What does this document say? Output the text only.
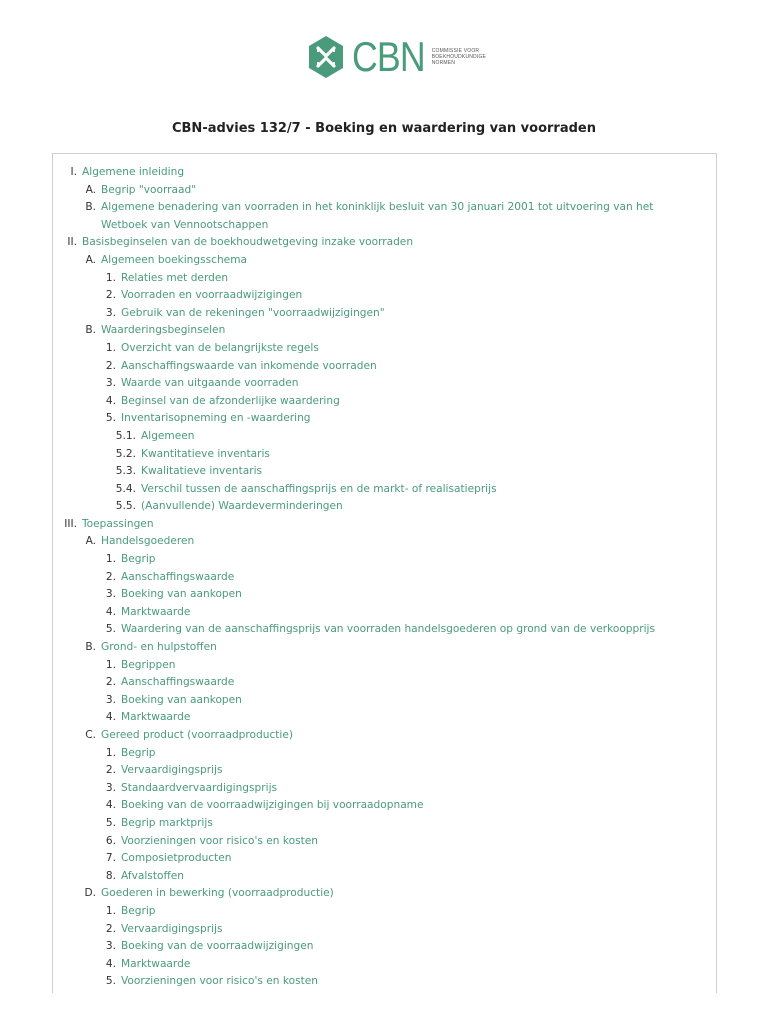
CBN COMMISSIE VOOR
BOEKHOUDKUNDIGE
NORMEN
CBN-advies 132/7 - Boeking en waardering van voorraden
I. Algemene inleiding
A. Begrip "voorraad"
B. Algemene benadering van voorraden in het koninklijk besluit van 30 januari 2001 tot uitvoering van het Wetboek van Vennootschappen
II. Basisbeginselen van de boekhoudwetgeving inzake voorraden
A. Algemeen boekingsschema
1. Relaties met derden
2. Voorraden en voorraadwijzigingen
3. Gebruik van de rekeningen "voorraadwijzigingen"
B. Waarderingsbeginselen
1. Overzicht van de belangrijkste regels
2. Aanschaffingswaarde van inkomende voorraden
3. Waarde van uitgaande voorraden
4. Beginsel van de afzonderlijke waardering
5. Inventarisopneming en -waardering
5.1. Algemeen
5.2. Kwantitatieve inventaris
5.3. Kwalitatieve inventaris
5.4. Verschil tussen de aanschaffingsprijs en de markt- of realisatieprijs
5.5. (Aanvullende) Waardeverminderingen
III. Toepassingen
A. Handelsgoederen
1. Begrip
2. Aanschaffingswaarde
3. Boeking van aankopen
4. Marktwaarde
5. Waardering van de aanschaffingsprijs van voorraden handelsgoederen op grond van de verkoopprijs
B. Grond- en hulpstoffen
1. Begrippen
2. Aanschaffingswaarde
3. Boeking van aankopen
4. Marktwaarde
C. Gereed product (voorraadproductie)
1. Begrip
2. Vervaardigingsprijs
3. Standaardvervaardigingsprijs
4. Boeking van de voorraadwijzigingen bij voorraadopname
5. Begrip marktprijs
6. Voorzieningen voor risico's en kosten
7. Composietproducten
8. Afvalstoffen
D. Goederen in bewerking (voorraadproductie)
1. Begrip
2. Vervaardigingsprijs
3. Boeking van de voorraadwijzigingen
4. Marktwaarde
5. Voorzieningen voor risico's en kosten
